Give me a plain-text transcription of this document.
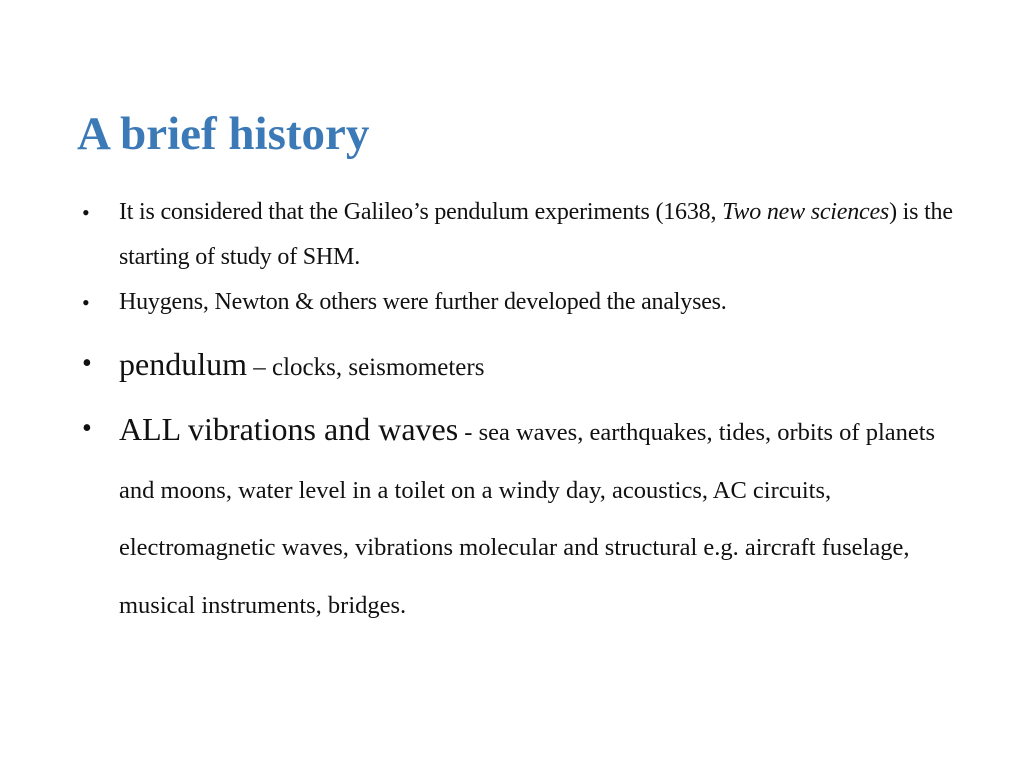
A brief history
• It is considered that the Galileo’s pendulum experiments (1638, Two new sciences) is the starting of study of SHM.
• Huygens, Newton & others were further developed the analyses.
• pendulum – clocks, seismometers
• ALL vibrations and waves - sea waves, earthquakes, tides, orbits of planets and moons, water level in a toilet on a windy day, acoustics, AC circuits, electromagnetic waves, vibrations molecular and structural e.g. aircraft fuselage, musical instruments, bridges.
